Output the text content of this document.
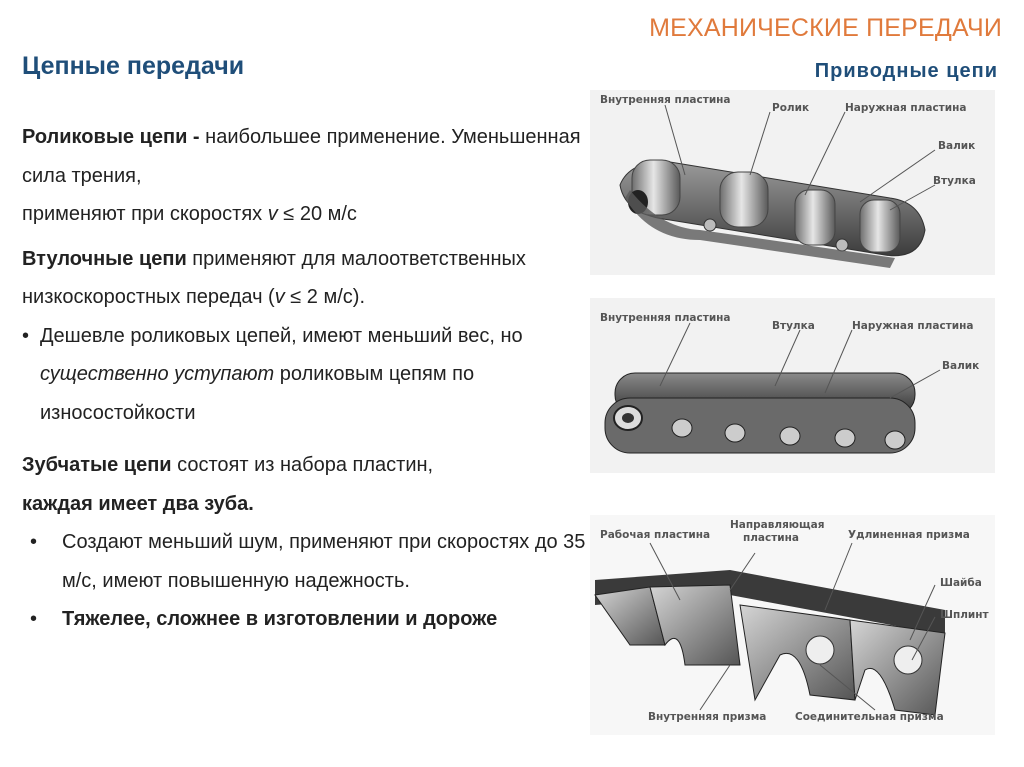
МЕХАНИЧЕСКИЕ ПЕРЕДАЧИ
Приводные цепи
Цепные передачи

Роликовые цепи - наибольшее применение. Уменьшенная сила трения,
применяют при скоростях v ≤ 20 м/с

Втулочные цепи применяют для малоответственных низкоскоростных передач (v ≤ 2 м/с).

• Дешевле роликовых цепей, имеют меньший вес, но существенно уступают роликовым цепям по износостойкости

Зубчатые цепи состоят из набора пластин,
каждая имеет два зуба.

• Создают меньший шум, применяют при скоростях до 35 м/с, имеют повышенную надежность.
• Тяжелее, сложнее в изготовлении и дороже
Внутренняя пластина
Ролик	Наружная пластина
Валик
Втулка
Внутренняя пластина
Втулка	Наружная пластина
Валик
Рабочая пластина
Направляющая пластина	Удлиненная призма
Шайба
Шплинт
Внутренняя призма	Соединительная призма
